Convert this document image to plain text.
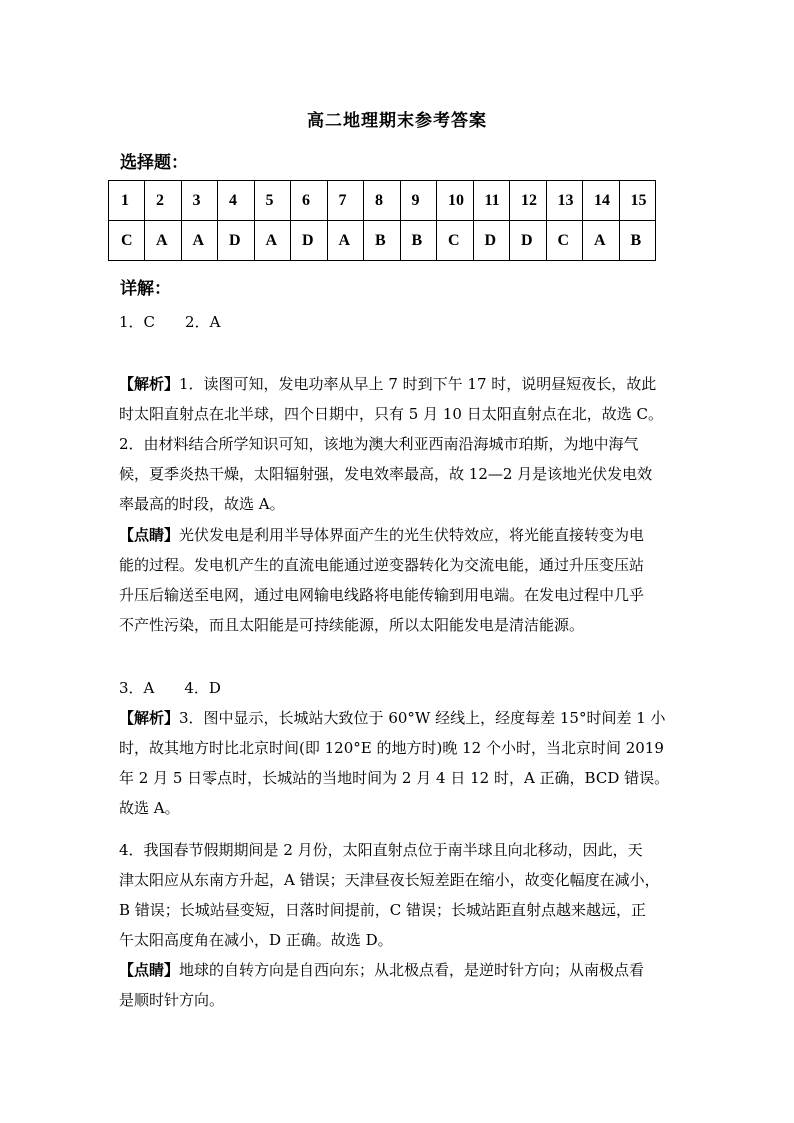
高二地理期末参考答案
选择题：
1	2	3	4	5	6	7	8	9	10	11	12	13	14	15
C	A	A	D	A	D	A	B	B	C	D	D	C	A	B
详解：
1．C　　2．A
【解析】1．读图可知，发电功率从早上 7 时到下午 17 时，说明昼短夜长，故此
时太阳直射点在北半球，四个日期中，只有 5 月 10 日太阳直射点在北，故选 C。
2．由材料结合所学知识可知，该地为澳大利亚西南沿海城市珀斯，为地中海气
候，夏季炎热干燥，太阳辐射强，发电效率最高，故 12—2 月是该地光伏发电效
率最高的时段，故选 A。
【点睛】光伏发电是利用半导体界面产生的光生伏特效应，将光能直接转变为电
能的过程。发电机产生的直流电能通过逆变器转化为交流电能，通过升压变压站
升压后输送至电网，通过电网输电线路将电能传输到用电端。在发电过程中几乎
不产性污染，而且太阳能是可持续能源，所以太阳能发电是清洁能源。
3．A　　4．D
【解析】3．图中显示，长城站大致位于 60°W 经线上，经度每差 15°时间差 1 小
时，故其地方时比北京时间(即 120°E 的地方时)晚 12 个小时，当北京时间 2019
年 2 月 5 日零点时，长城站的当地时间为 2 月 4 日 12 时，A 正确，BCD 错误。
故选 A。
4．我国春节假期期间是 2 月份，太阳直射点位于南半球且向北移动，因此，天
津太阳应从东南方升起，A 错误；天津昼夜长短差距在缩小，故变化幅度在减小，
B 错误；长城站昼变短，日落时间提前，C 错误；长城站距直射点越来越远，正
午太阳高度角在减小，D 正确。故选 D。
【点睛】地球的自转方向是自西向东；从北极点看，是逆时针方向；从南极点看
是顺时针方向。
